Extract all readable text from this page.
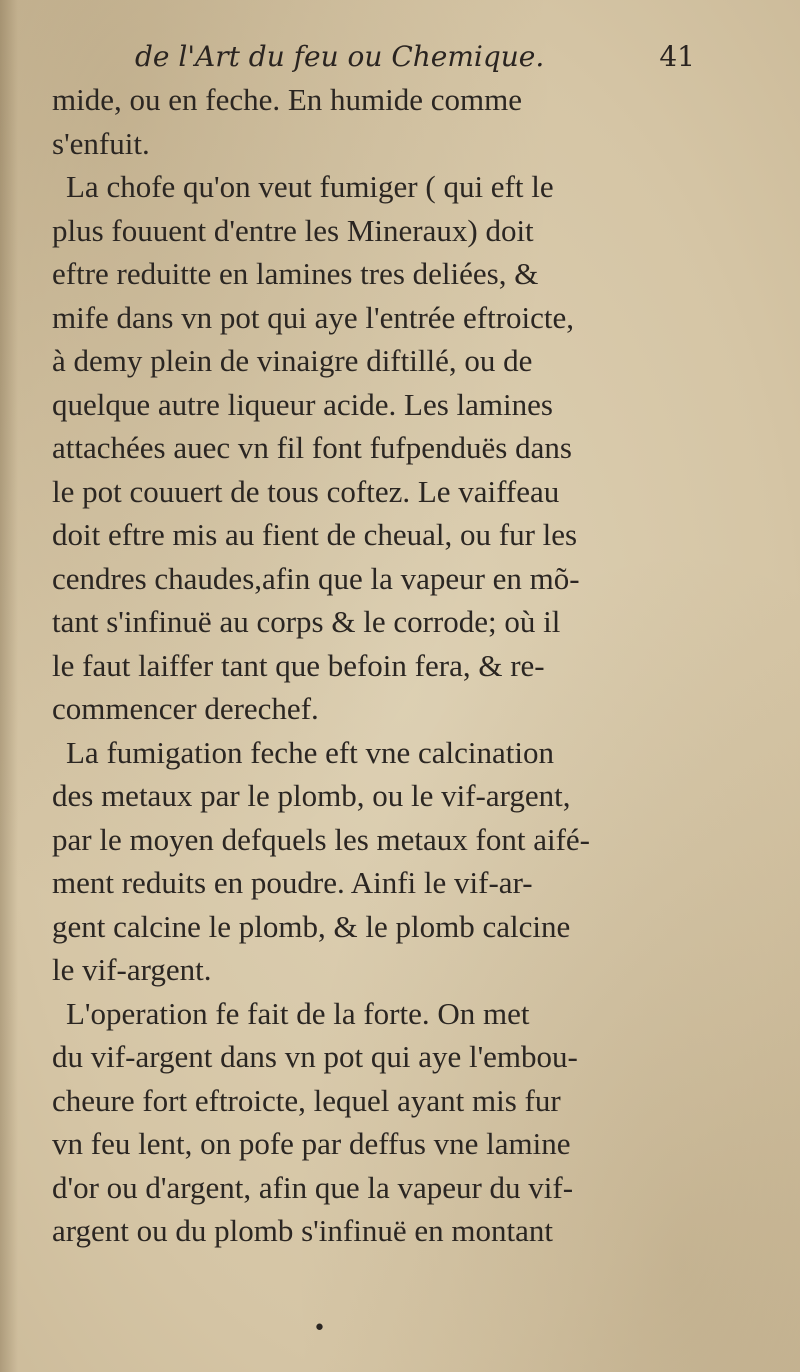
de l'Art du feu ou Chemique.	41
mide, ou en feche. En humide comme
s'enfuit.
La chofe qu'on veut fumiger ( qui eft le
plus fouuent d'entre les Mineraux) doit
eftre reduitte en lamines tres deliées, &
mife dans vn pot qui aye l'entrée eftroicte,
à demy plein de vinaigre diftillé, ou de
quelque autre liqueur acide. Les lamines
attachées auec vn fil font fufpenduës dans
le pot couuert de tous coftez. Le vaiffeau
doit eftre mis au fient de cheual, ou fur les
cendres chaudes,afin que la vapeur en mõ-
tant s'infinuë au corps & le corrode; où il
le faut laiffer tant que befoin fera, & re-
commencer derechef.
La fumigation feche eft vne calcination
des metaux par le plomb, ou le vif-argent,
par le moyen defquels les metaux font aifé-
ment reduits en poudre. Ainfi le vif-ar-
gent calcine le plomb, & le plomb calcine
le vif-argent.
L'operation fe fait de la forte. On met
du vif-argent dans vn pot qui aye l'embou-
cheure fort eftroicte, lequel ayant mis fur
vn feu lent, on pofe par deffus vne lamine
d'or ou d'argent, afin que la vapeur du vif-
argent ou du plomb s'infinuë en montant
•
